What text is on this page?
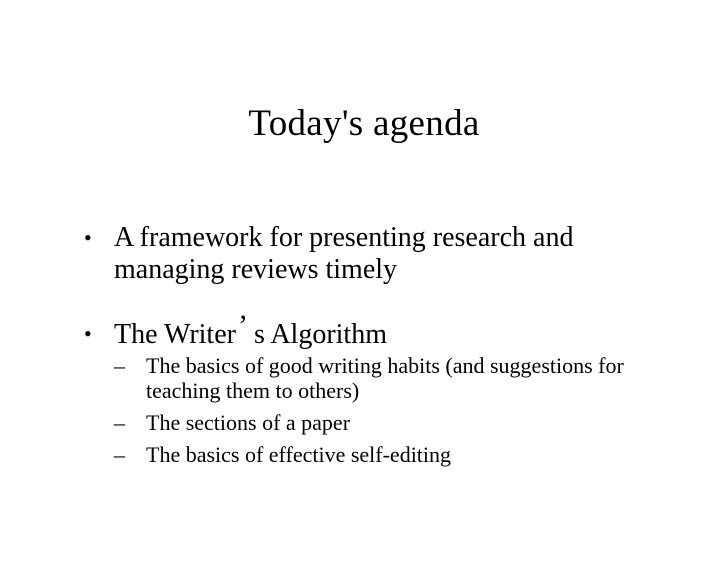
Today's agenda
• A framework for presenting research and managing reviews timely
• The Writer’ s Algorithm
– The basics of good writing habits (and suggestions for teaching them to others)
– The sections of a paper
– The basics of effective self-editing
